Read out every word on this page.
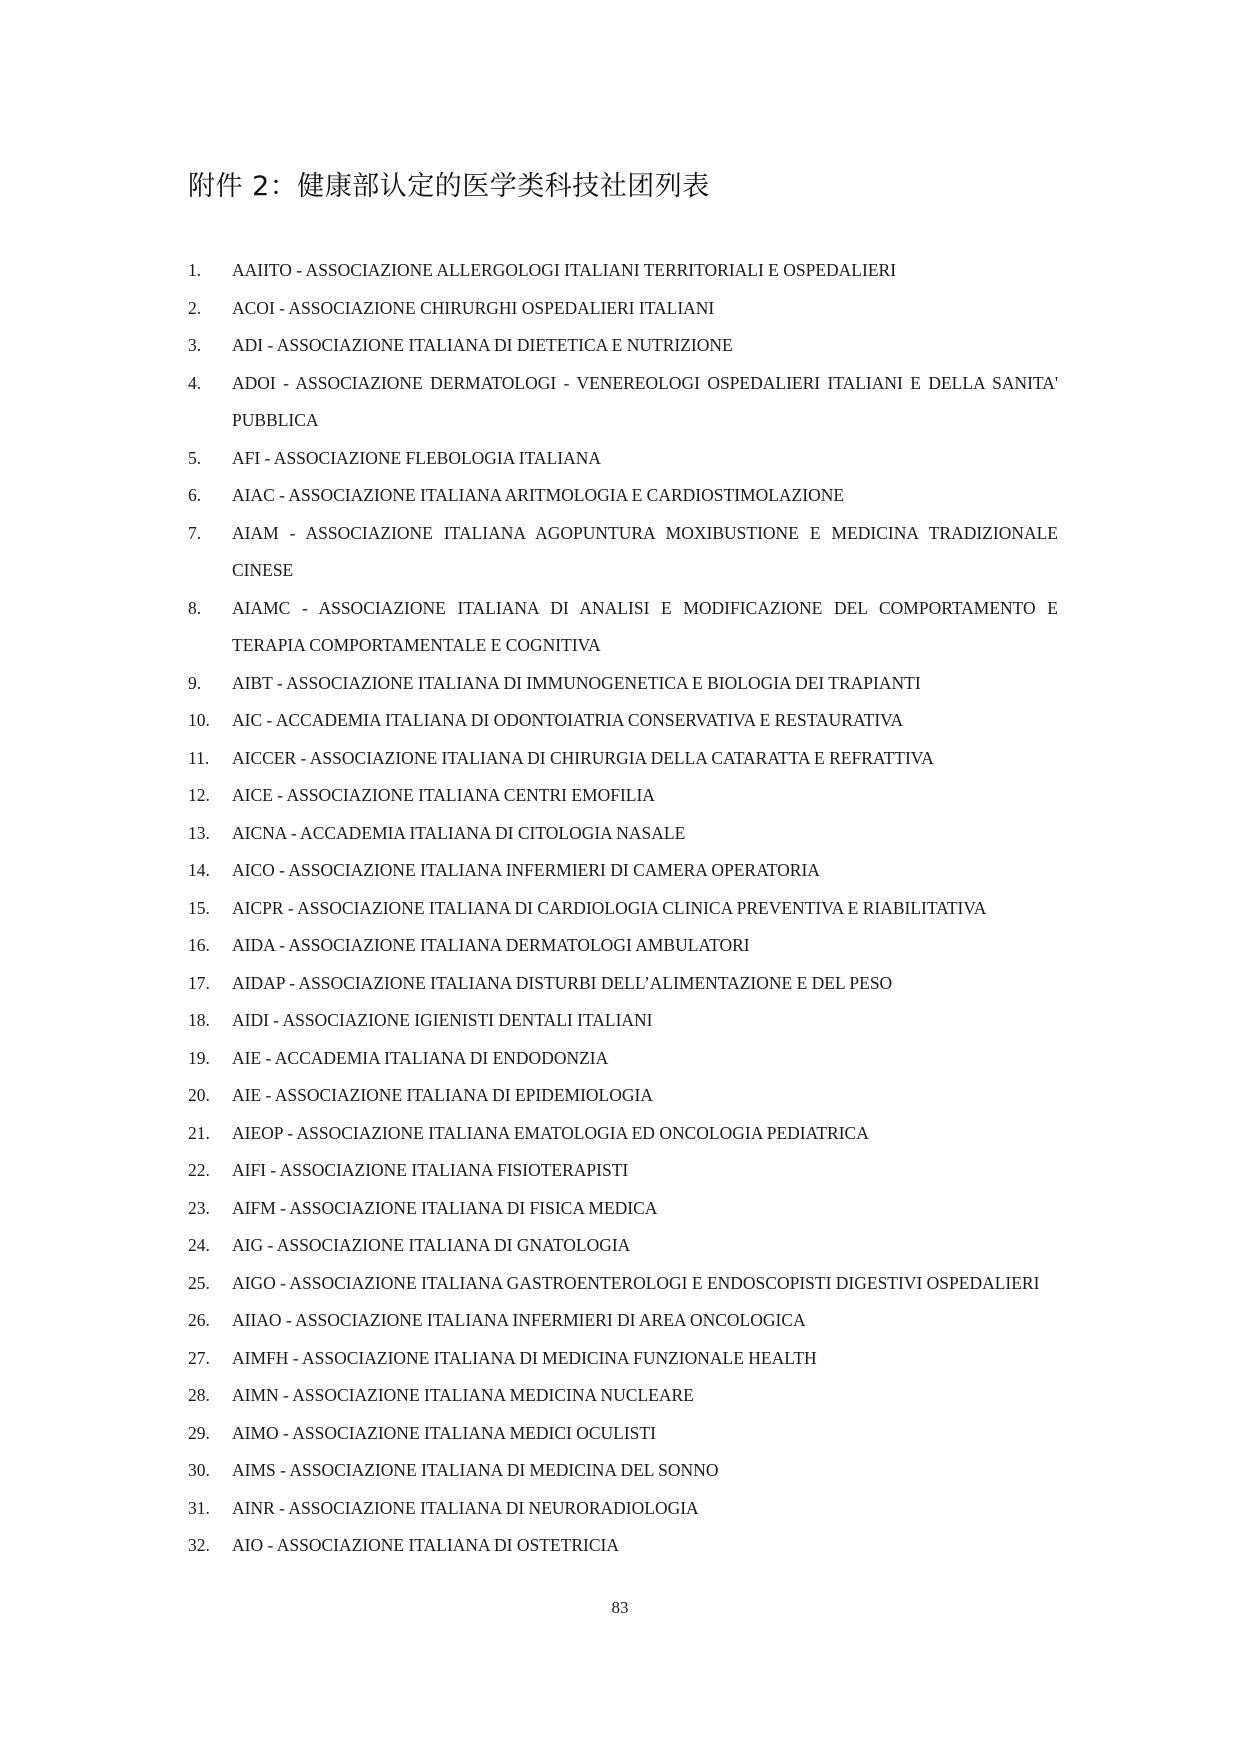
附件 2：健康部认定的医学类科技社团列表
1.	AAIITO - ASSOCIAZIONE ALLERGOLOGI ITALIANI TERRITORIALI E OSPEDALIERI
2.	ACOI - ASSOCIAZIONE CHIRURGHI OSPEDALIERI ITALIANI
3.	ADI - ASSOCIAZIONE ITALIANA DI DIETETICA E NUTRIZIONE
4.	ADOI - ASSOCIAZIONE DERMATOLOGI - VENEREOLOGI OSPEDALIERI ITALIANI E DELLA SANITA' PUBBLICA
5.	AFI - ASSOCIAZIONE FLEBOLOGIA ITALIANA
6.	AIAC - ASSOCIAZIONE ITALIANA ARITMOLOGIA E CARDIOSTIMOLAZIONE
7.	AIAM - ASSOCIAZIONE ITALIANA AGOPUNTURA MOXIBUSTIONE E MEDICINA TRADIZIONALE CINESE
8.	AIAMC - ASSOCIAZIONE ITALIANA DI ANALISI E MODIFICAZIONE DEL COMPORTAMENTO E TERAPIA COMPORTAMENTALE E COGNITIVA
9.	AIBT - ASSOCIAZIONE ITALIANA DI IMMUNOGENETICA E BIOLOGIA DEI TRAPIANTI
10.	AIC - ACCADEMIA ITALIANA DI ODONTOIATRIA CONSERVATIVA E RESTAURATIVA
11.	AICCER - ASSOCIAZIONE ITALIANA DI CHIRURGIA DELLA CATARATTA E REFRATTIVA
12.	AICE - ASSOCIAZIONE ITALIANA CENTRI EMOFILIA
13.	AICNA - ACCADEMIA ITALIANA DI CITOLOGIA NASALE
14.	AICO - ASSOCIAZIONE ITALIANA INFERMIERI DI CAMERA OPERATORIA
15.	AICPR - ASSOCIAZIONE ITALIANA DI CARDIOLOGIA CLINICA PREVENTIVA E RIABILITATIVA
16.	AIDA - ASSOCIAZIONE ITALIANA DERMATOLOGI AMBULATORI
17.	AIDAP - ASSOCIAZIONE ITALIANA DISTURBI DELL’ALIMENTAZIONE E DEL PESO
18.	AIDI - ASSOCIAZIONE IGIENISTI DENTALI ITALIANI
19.	AIE - ACCADEMIA ITALIANA DI ENDODONZIA
20.	AIE - ASSOCIAZIONE ITALIANA DI EPIDEMIOLOGIA
21.	AIEOP - ASSOCIAZIONE ITALIANA EMATOLOGIA ED ONCOLOGIA PEDIATRICA
22.	AIFI - ASSOCIAZIONE ITALIANA FISIOTERAPISTI
23.	AIFM - ASSOCIAZIONE ITALIANA DI FISICA MEDICA
24.	AIG - ASSOCIAZIONE ITALIANA DI GNATOLOGIA
25.	AIGO - ASSOCIAZIONE ITALIANA GASTROENTEROLOGI E ENDOSCOPISTI DIGESTIVI OSPEDALIERI
26.	AIIAO - ASSOCIAZIONE ITALIANA INFERMIERI DI AREA ONCOLOGICA
27.	AIMFH - ASSOCIAZIONE ITALIANA DI MEDICINA FUNZIONALE HEALTH
28.	AIMN - ASSOCIAZIONE ITALIANA MEDICINA NUCLEARE
29.	AIMO - ASSOCIAZIONE ITALIANA MEDICI OCULISTI
30.	AIMS - ASSOCIAZIONE ITALIANA DI MEDICINA DEL SONNO
31.	AINR - ASSOCIAZIONE ITALIANA DI NEURORADIOLOGIA
32.	AIO - ASSOCIAZIONE ITALIANA DI OSTETRICIA
83
